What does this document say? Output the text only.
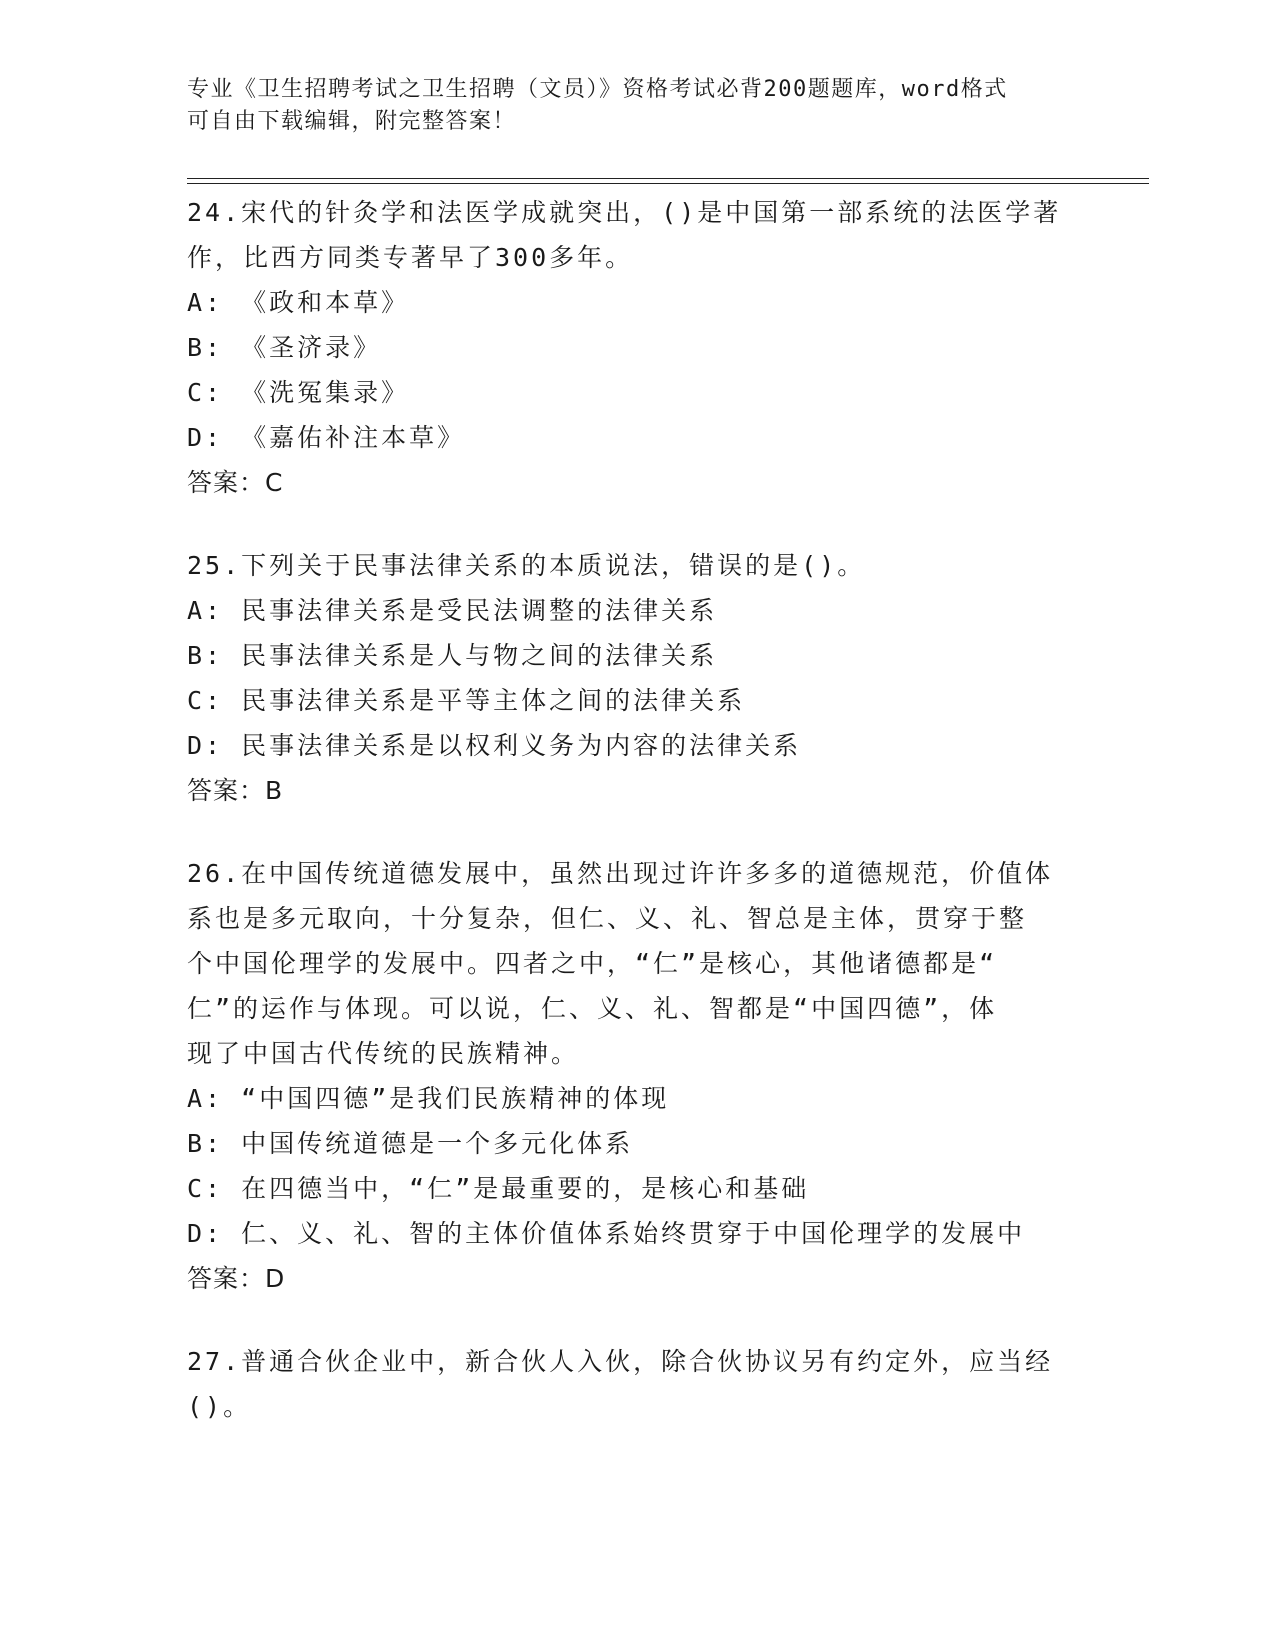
专业《卫生招聘考试之卫生招聘（文员）》资格考试必背200题题库，word格式
可自由下载编辑，附完整答案！
24.宋代的针灸学和法医学成就突出，()是中国第一部系统的法医学著
作，比西方同类专著早了300多年。
A: 《政和本草》
B: 《圣济录》
C: 《洗冤集录》
D: 《嘉佑补注本草》
答案：C
25.下列关于民事法律关系的本质说法，错误的是()。
A: 民事法律关系是受民法调整的法律关系
B: 民事法律关系是人与物之间的法律关系
C: 民事法律关系是平等主体之间的法律关系
D: 民事法律关系是以权利义务为内容的法律关系
答案：B
26.在中国传统道德发展中，虽然出现过许许多多的道德规范，价值体
系也是多元取向，十分复杂，但仁、义、礼、智总是主体，贯穿于整
个中国伦理学的发展中。四者之中，“仁”是核心，其他诸德都是“
仁”的运作与体现。可以说，仁、义、礼、智都是“中国四德”，体
现了中国古代传统的民族精神。
A: “中国四德”是我们民族精神的体现
B: 中国传统道德是一个多元化体系
C: 在四德当中，“仁”是最重要的，是核心和基础
D: 仁、义、礼、智的主体价值体系始终贯穿于中国伦理学的发展中
答案：D
27.普通合伙企业中，新合伙人入伙，除合伙协议另有约定外，应当经
()。
